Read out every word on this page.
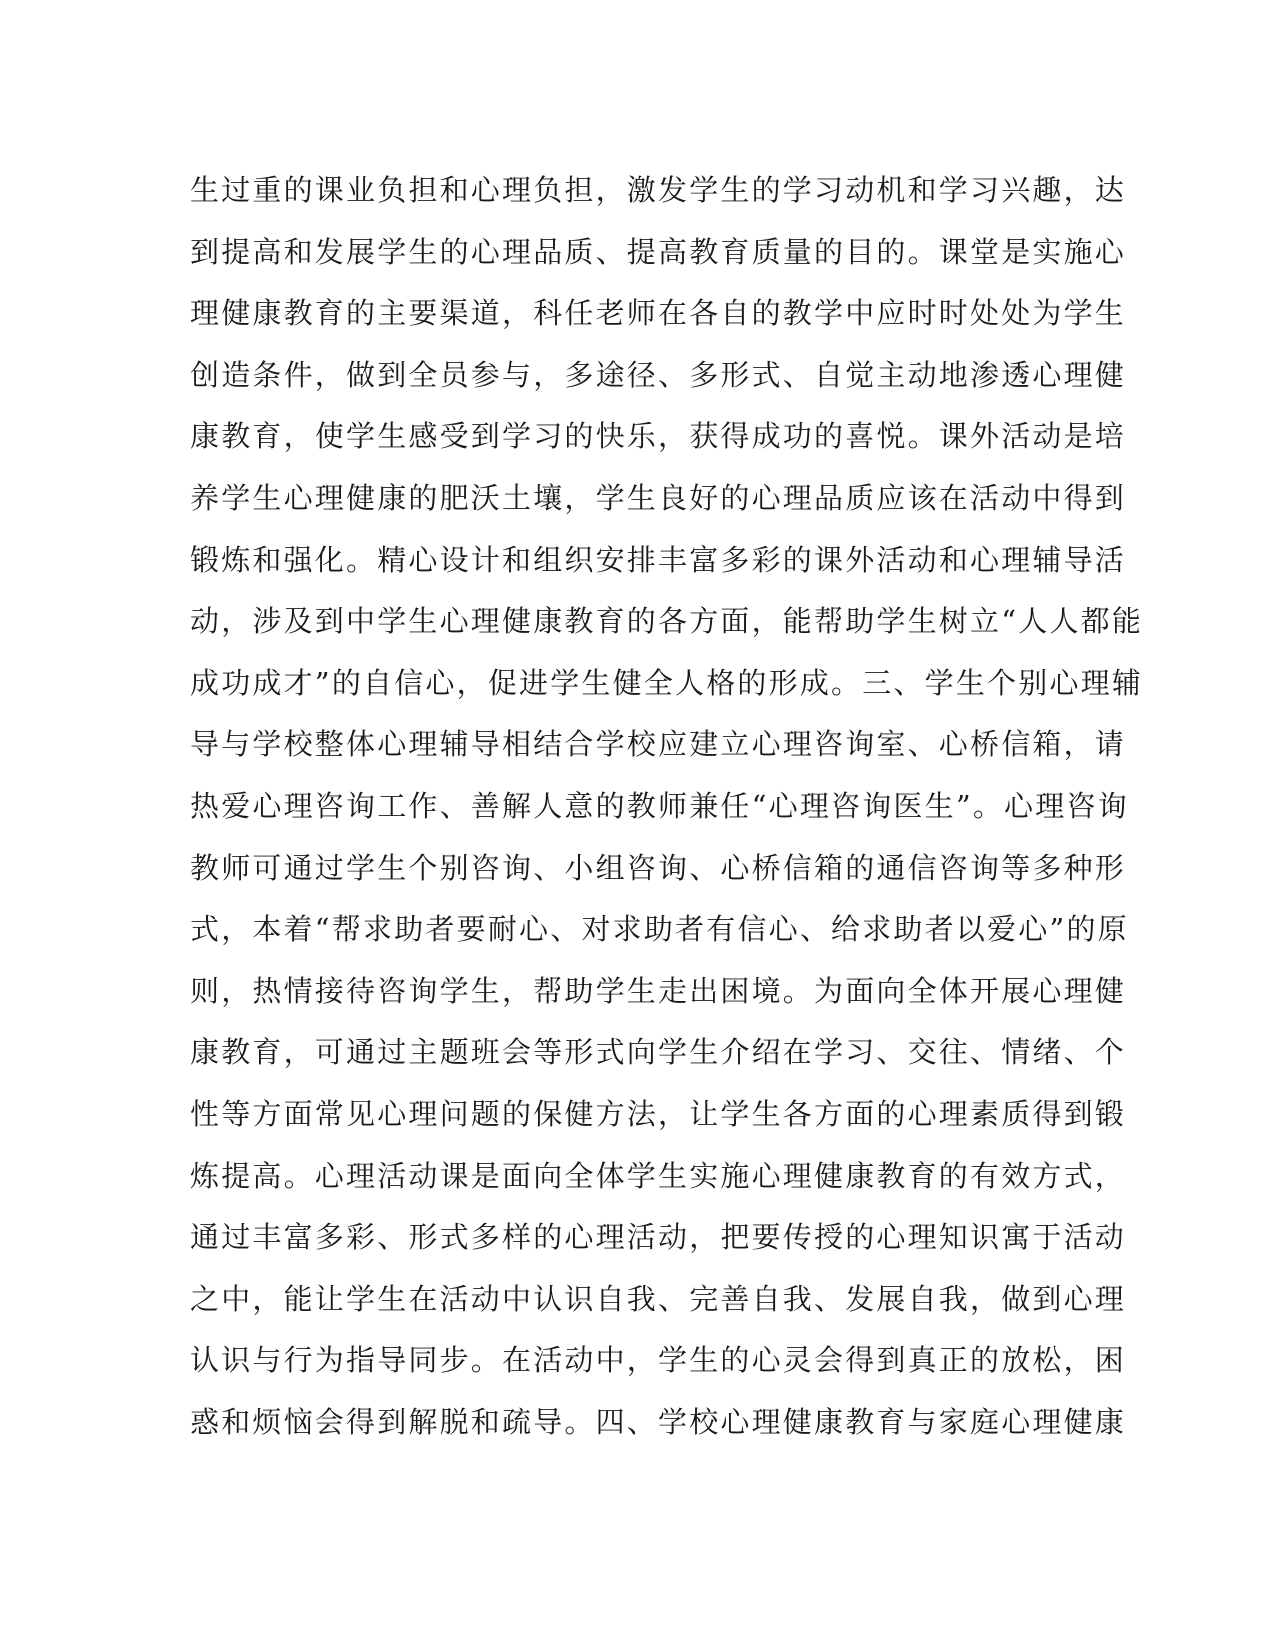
生过重的课业负担和心理负担，激发学生的学习动机和学习兴趣，达
到提高和发展学生的心理品质、提高教育质量的目的。课堂是实施心
理健康教育的主要渠道，科任老师在各自的教学中应时时处处为学生
创造条件，做到全员参与，多途径、多形式、自觉主动地渗透心理健
康教育，使学生感受到学习的快乐，获得成功的喜悦。课外活动是培
养学生心理健康的肥沃土壤，学生良好的心理品质应该在活动中得到
锻炼和强化。精心设计和组织安排丰富多彩的课外活动和心理辅导活
动，涉及到中学生心理健康教育的各方面，能帮助学生树立“人人都能
成功成才”的自信心，促进学生健全人格的形成。三、学生个别心理辅
导与学校整体心理辅导相结合学校应建立心理咨询室、心桥信箱，请
热爱心理咨询工作、善解人意的教师兼任“心理咨询医生”。心理咨询
教师可通过学生个别咨询、小组咨询、心桥信箱的通信咨询等多种形
式，本着“帮求助者要耐心、对求助者有信心、给求助者以爱心”的原
则，热情接待咨询学生，帮助学生走出困境。为面向全体开展心理健
康教育，可通过主题班会等形式向学生介绍在学习、交往、情绪、个
性等方面常见心理问题的保健方法，让学生各方面的心理素质得到锻
炼提高。心理活动课是面向全体学生实施心理健康教育的有效方式，
通过丰富多彩、形式多样的心理活动，把要传授的心理知识寓于活动
之中，能让学生在活动中认识自我、完善自我、发展自我，做到心理
认识与行为指导同步。在活动中，学生的心灵会得到真正的放松，困
惑和烦恼会得到解脱和疏导。四、学校心理健康教育与家庭心理健康
